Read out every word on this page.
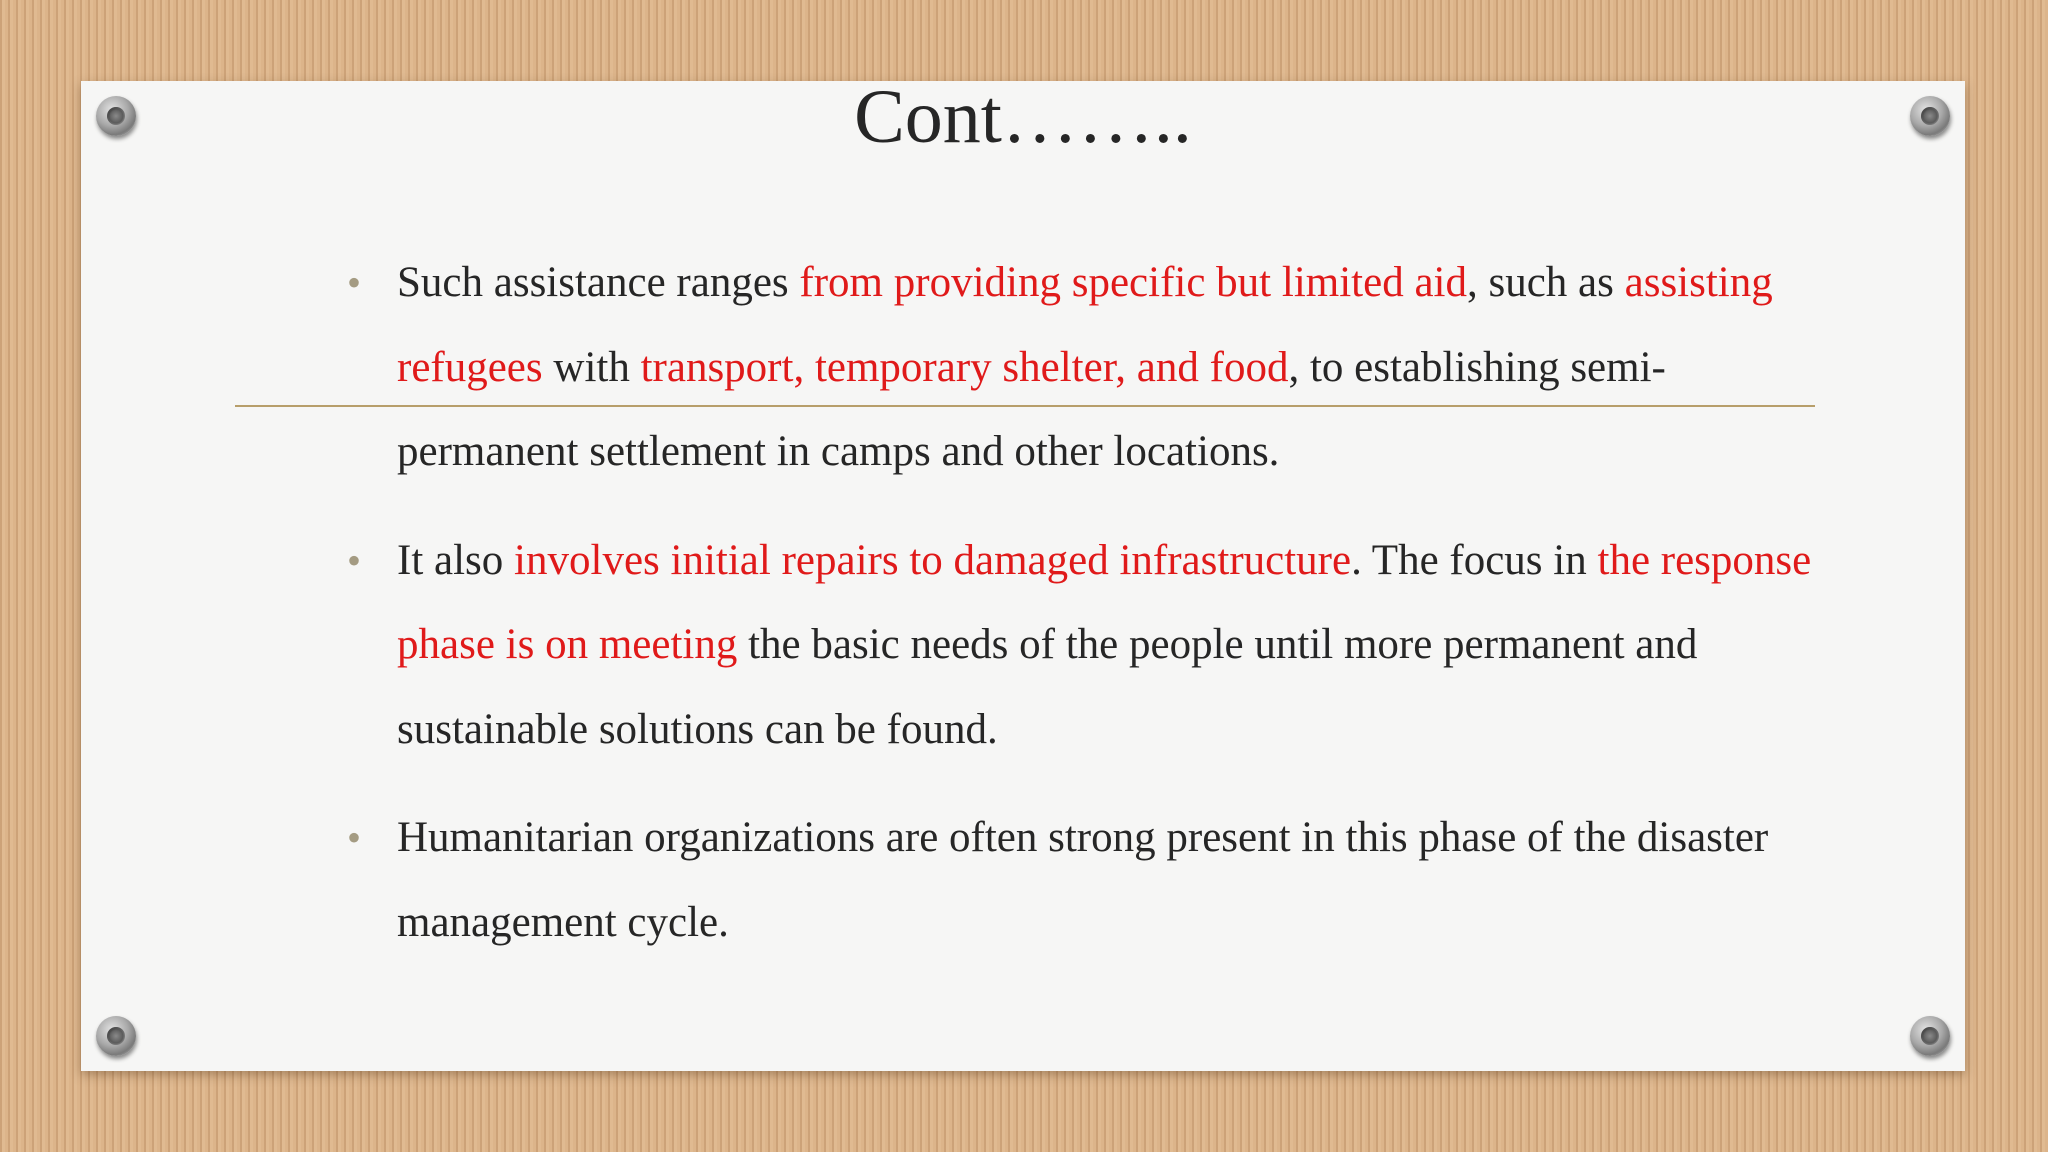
Cont……..
• Such assistance ranges from providing specific but limited aid, such as assisting refugees with transport, temporary shelter, and food, to establishing semi-permanent settlement in camps and other locations.
• It also involves initial repairs to damaged infrastructure. The focus in the response phase is on meeting the basic needs of the people until more permanent and sustainable solutions can be found.
• Humanitarian organizations are often strong present in this phase of the disaster management cycle.
